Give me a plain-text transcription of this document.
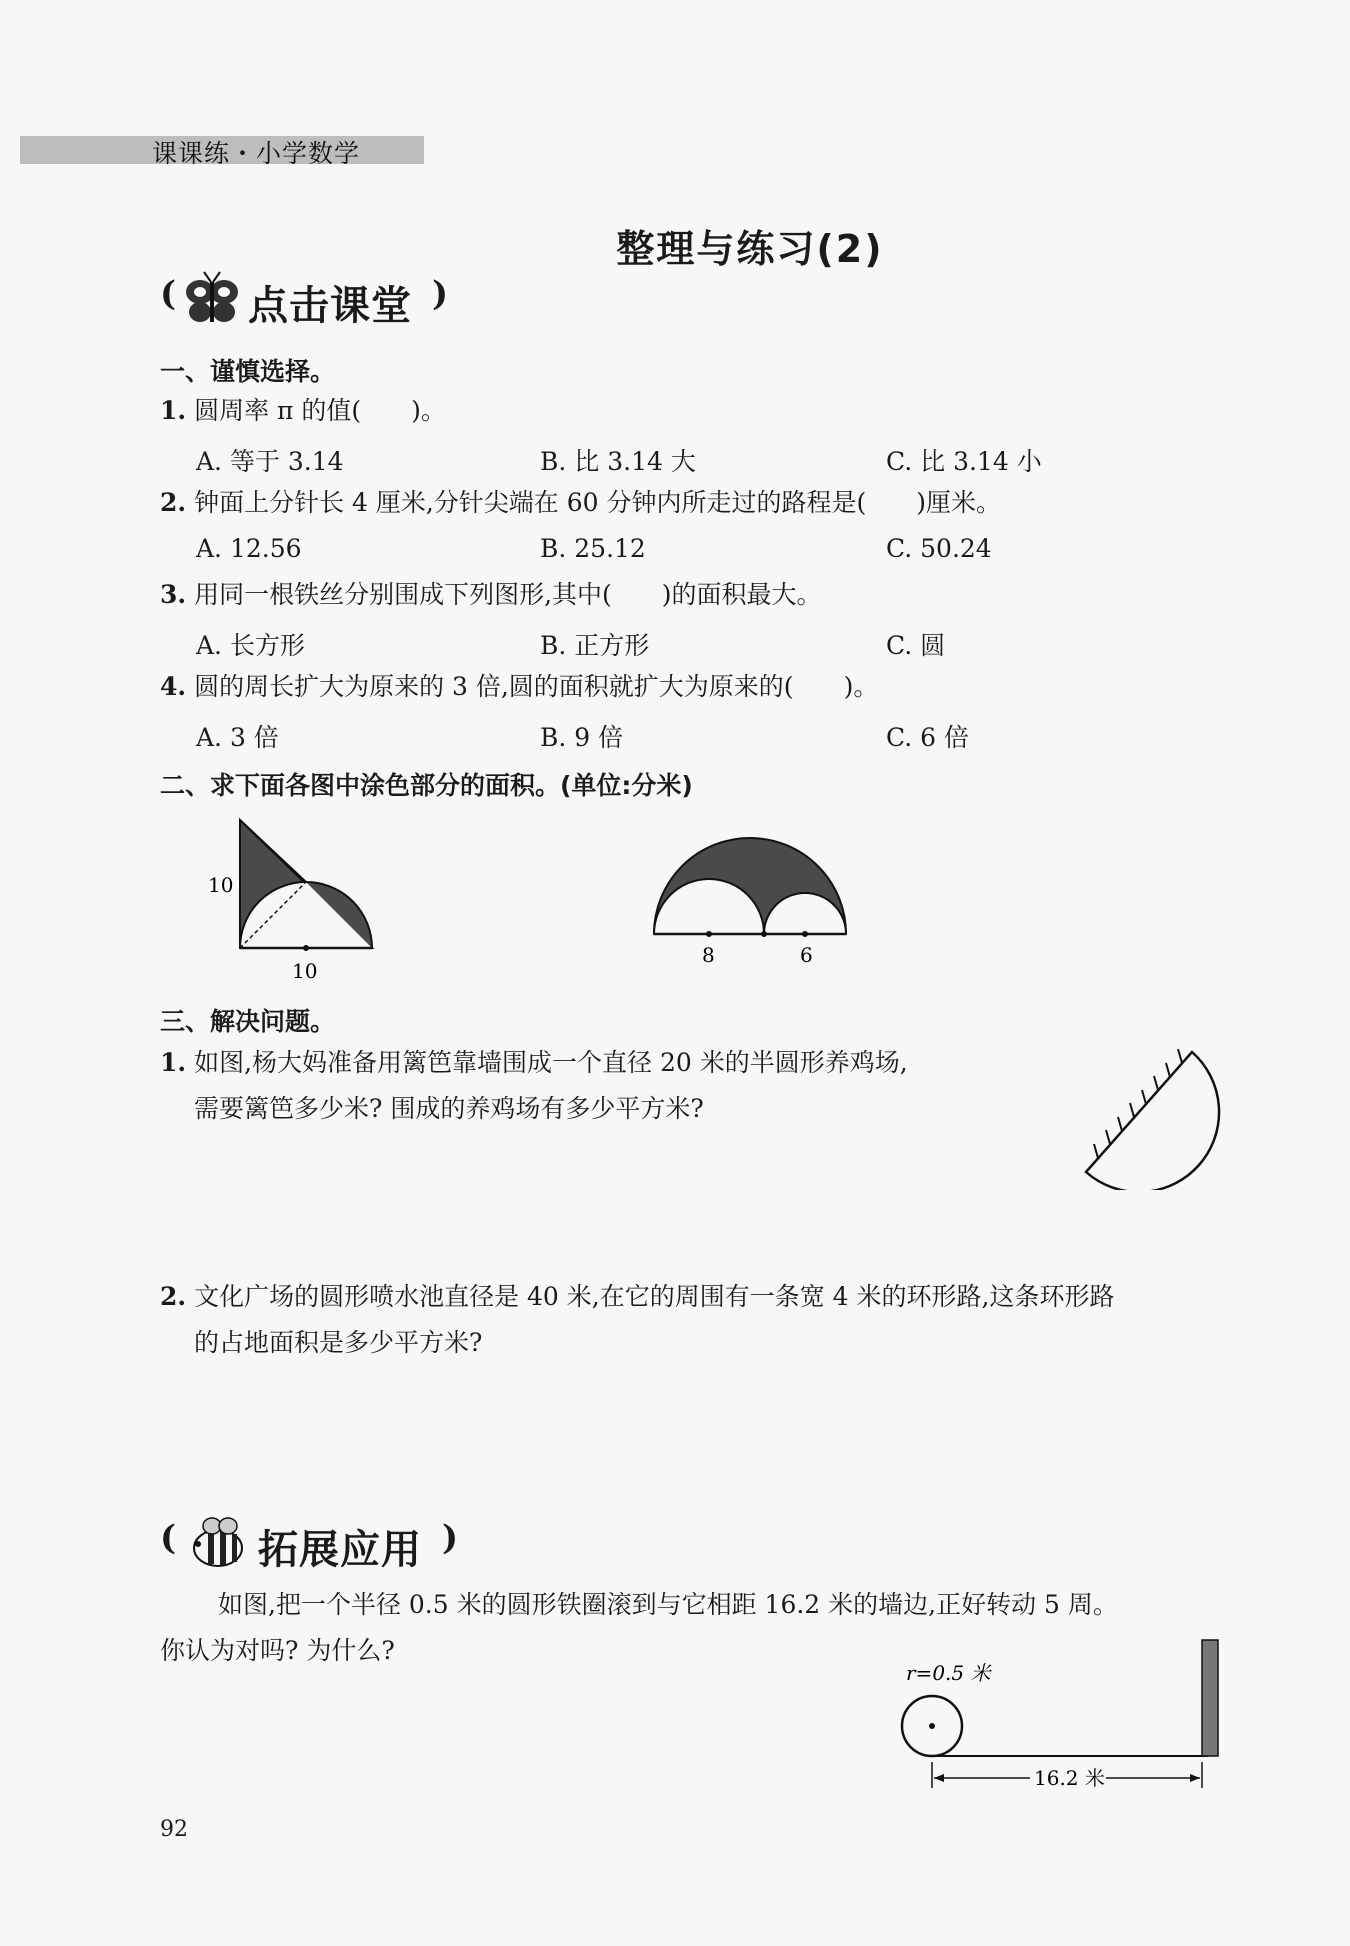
课课练・小学数学
整理与练习(2)
( 点击课堂 )
一、谨慎选择。
1. 圆周率 π 的值(　　)。
A. 等于 3.14	B. 比 3.14 大	C. 比 3.14 小
2. 钟面上分针长 4 厘米,分针尖端在 60 分钟内所走过的路程是(　　)厘米。
A. 12.56	B. 25.12	C. 50.24
3. 用同一根铁丝分别围成下列图形,其中(　　)的面积最大。
A. 长方形	B. 正方形	C. 圆
4. 圆的周长扩大为原来的 3 倍,圆的面积就扩大为原来的(　　)。
A. 3 倍	B. 9 倍	C. 6 倍
二、求下面各图中涂色部分的面积。(单位:分米)
10
10
8	6
三、解决问题。
1. 如图,杨大妈准备用篱笆靠墙围成一个直径 20 米的半圆形养鸡场,
需要篱笆多少米? 围成的养鸡场有多少平方米?
2. 文化广场的圆形喷水池直径是 40 米,在它的周围有一条宽 4 米的环形路,这条环形路
的占地面积是多少平方米?
( 拓展应用 )
如图,把一个半径 0.5 米的圆形铁圈滚到与它相距 16.2 米的墙边,正好转动 5 周。
你认为对吗? 为什么?
r=0.5 米
16.2 米
92
